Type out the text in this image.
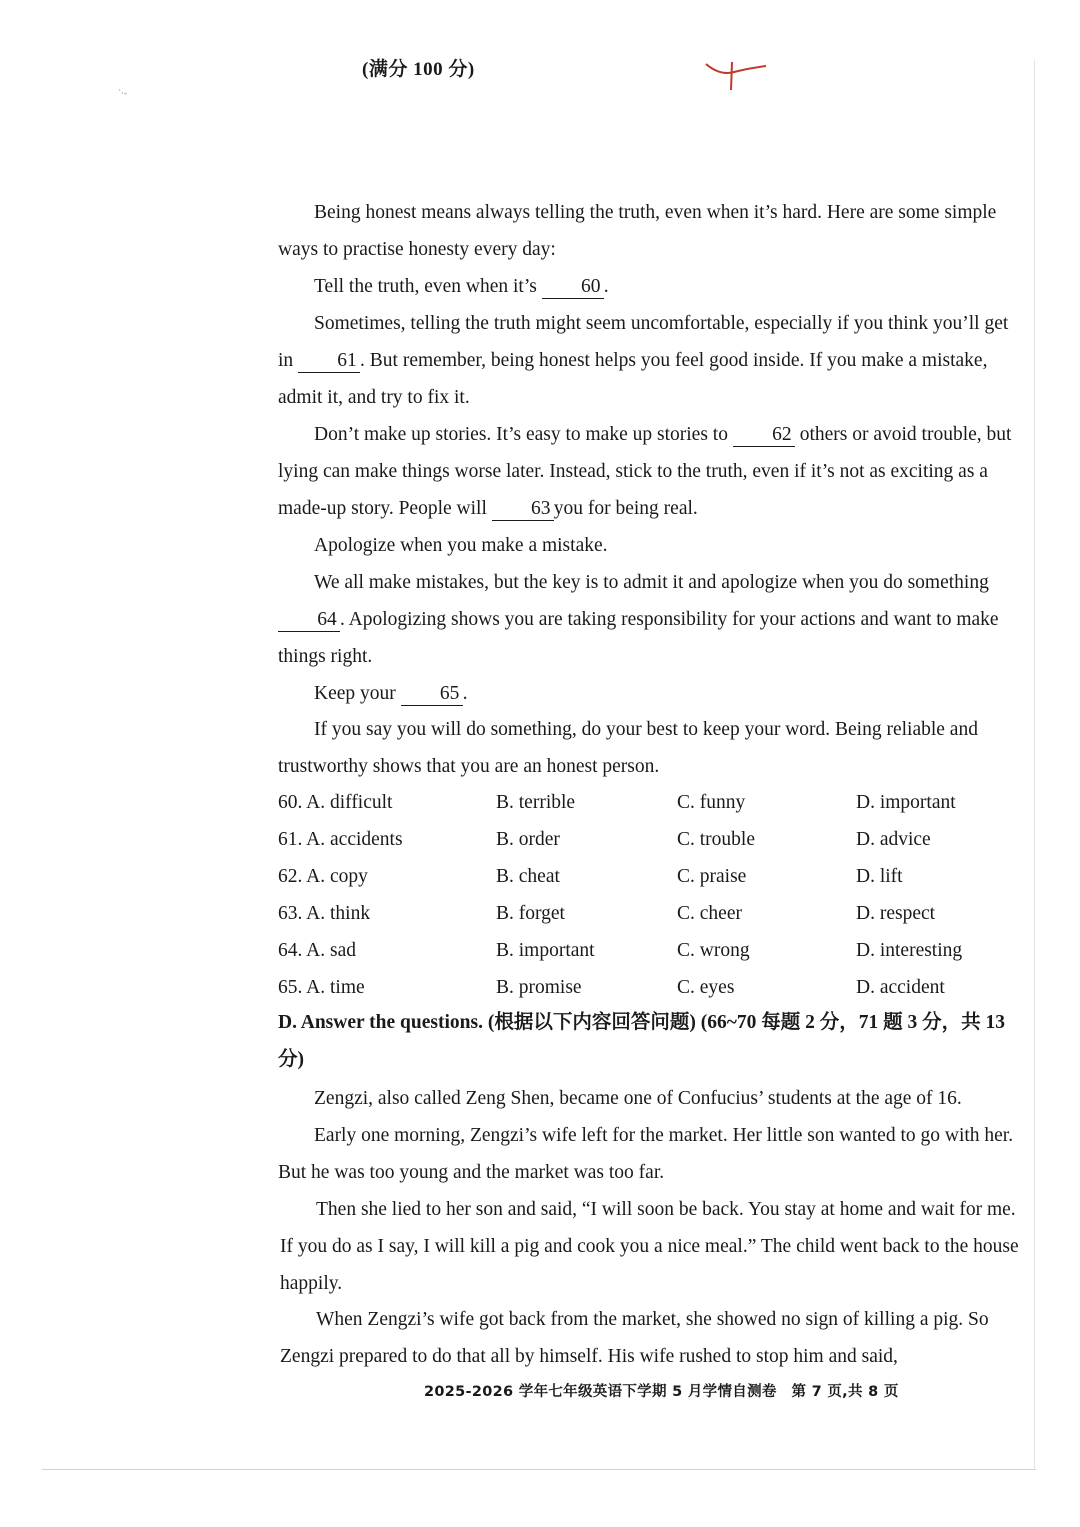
(满分 100 分)
`·-

Being honest means always telling the truth, even when it’s hard. Here are some simple ways to practise honesty every day:

Tell the truth, even when it’s 60 .

Sometimes, telling the truth might seem uncomfortable, especially if you think you’ll get in 61 . But remember, being honest helps you feel good inside. If you make a mistake, admit it, and try to fix it.

Don’t make up stories. It’s easy to make up stories to 62 others or avoid trouble, but lying can make things worse later. Instead, stick to the truth, even if it’s not as exciting as a made-up story. People will 63 you for being real.

Apologize when you make a mistake.

We all make mistakes, but the key is to admit it and apologize when you do something 64 . Apologizing shows you are taking responsibility for your actions and want to make things right.

Keep your 65 .

If you say you will do something, do your best to keep your word. Being reliable and trustworthy shows that you are an honest person.

60. A. difficult	B. terrible	C. funny	D. important
61. A. accidents	B. order	C. trouble	D. advice
62. A. copy	B. cheat	C. praise	D. lift
63. A. think	B. forget	C. cheer	D. respect
64. A. sad	B. important	C. wrong	D. interesting
65. A. time	B. promise	C. eyes	D. accident
D. Answer the questions. (根据以下内容回答问题) (66~70 每题 2 分，71 题 3 分，共 13 分)

Zengzi, also called Zeng Shen, became one of Confucius’ students at the age of 16.

Early one morning, Zengzi’s wife left for the market. Her little son wanted to go with her. But he was too young and the market was too far.

Then she lied to her son and said, “I will soon be back. You stay at home and wait for me. If you do as I say, I will kill a pig and cook you a nice meal.” The child went back to the house happily.

When Zengzi’s wife got back from the market, she showed no sign of killing a pig. So Zengzi prepared to do that all by himself. His wife rushed to stop him and said,

2025-2026 学年七年级英语下学期 5 月学情自测卷　第 7 页,共 8 页
